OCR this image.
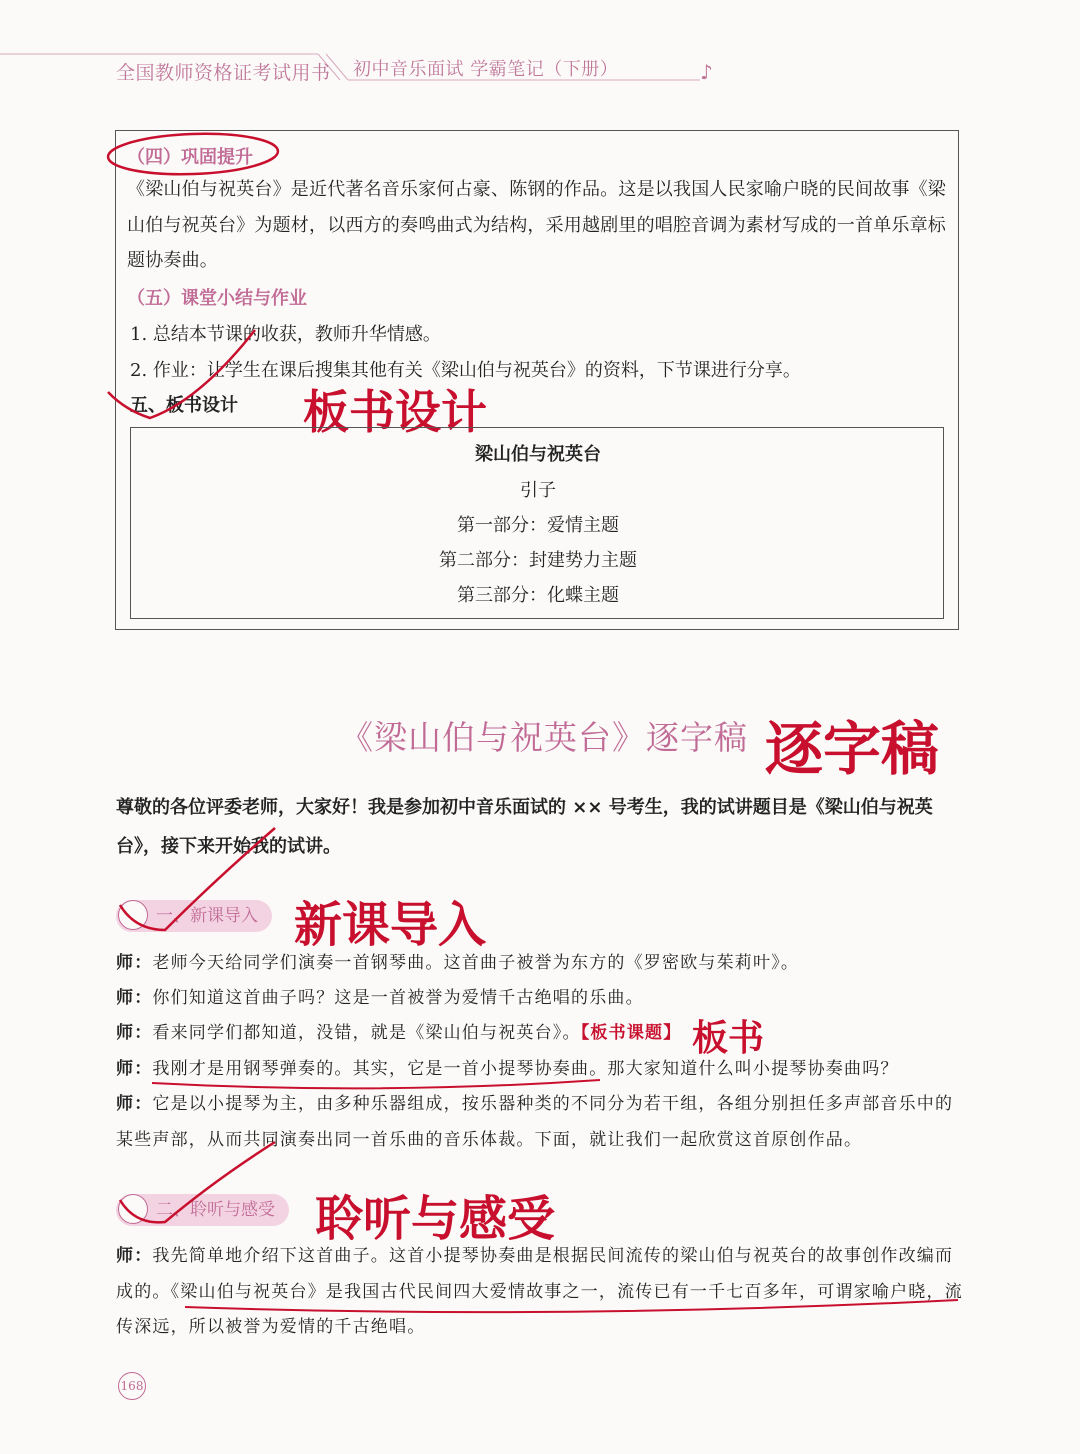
全国教师资格证考试用书 初中音乐面试 学霸笔记（下册）	♪
（四）巩固提升
《梁山伯与祝英台》是近代著名音乐家何占豪、陈钢的作品。这是以我国人民家喻户晓的民间故事《梁山伯与祝英台》为题材，以西方的奏鸣曲式为结构，采用越剧里的唱腔音调为素材写成的一首单乐章标题协奏曲。
（五）课堂小结与作业
1. 总结本节课的收获，教师升华情感。
2. 作业：让学生在课后搜集其他有关《梁山伯与祝英台》的资料，下节课进行分享。
五、板书设计 板书设计
梁山伯与祝英台
引子
第一部分：爱情主题
第二部分：封建势力主题
第三部分：化蝶主题
《梁山伯与祝英台》逐字稿 逐字稿
尊敬的各位评委老师，大家好！我是参加初中音乐面试的 ×× 号考生，我的试讲题目是《梁山伯与祝英台》，接下来开始我的试讲。
一、新课导入 新课导入
师：老师今天给同学们演奏一首钢琴曲。这首曲子被誉为东方的《罗密欧与茱莉叶》。
师：你们知道这首曲子吗？这是一首被誉为爱情千古绝唱的乐曲。
师：看来同学们都知道，没错，就是《梁山伯与祝英台》。【板书课题】 板书
师：我刚才是用钢琴弹奏的。其实，它是一首小提琴协奏曲。那大家知道什么叫小提琴协奏曲吗？
师：它是以小提琴为主，由多种乐器组成，按乐器种类的不同分为若干组，各组分别担任多声部音乐中的某些声部，从而共同演奏出同一首乐曲的音乐体裁。下面，就让我们一起欣赏这首原创作品。
二、聆听与感受 聆听与感受
师：我先简单地介绍下这首曲子。这首小提琴协奏曲是根据民间流传的梁山伯与祝英台的故事创作改编而成的。《梁山伯与祝英台》是我国古代民间四大爱情故事之一，流传已有一千七百多年，可谓家喻户晓，流传深远，所以被誉为爱情的千古绝唱。
168
